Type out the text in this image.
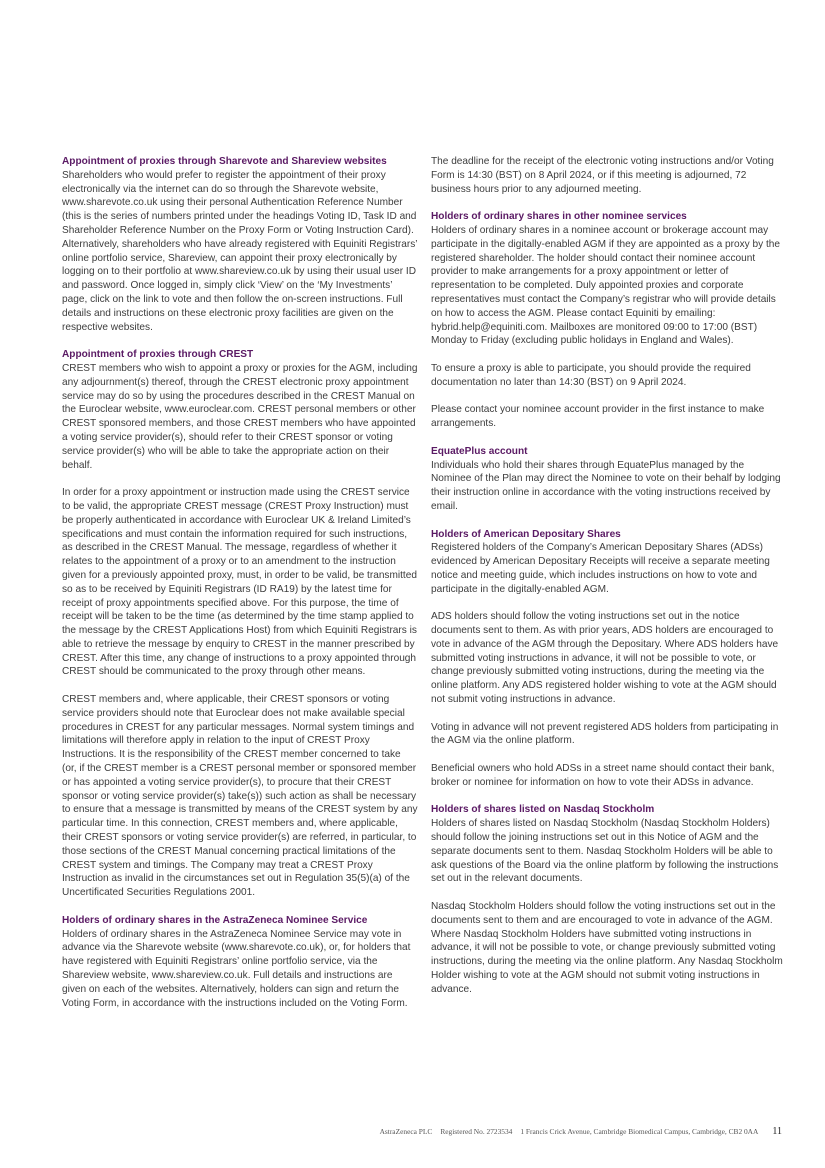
Appointment of proxies through Sharevote and Shareview websites

Shareholders who would prefer to register the appointment of their proxy electronically via the internet can do so through the Sharevote website, www.sharevote.co.uk using their personal Authentication Reference Number (this is the series of numbers printed under the headings Voting ID, Task ID and Shareholder Reference Number on the Proxy Form or Voting Instruction Card). Alternatively, shareholders who have already registered with Equiniti Registrars’ online portfolio service, Shareview, can appoint their proxy electronically by logging on to their portfolio at www.shareview.co.uk by using their usual user ID and password. Once logged in, simply click ‘View’ on the ‘My Investments’ page, click on the link to vote and then follow the on-screen instructions. Full details and instructions on these electronic proxy facilities are given on the respective websites.

Appointment of proxies through CREST

CREST members who wish to appoint a proxy or proxies for the AGM, including any adjournment(s) thereof, through the CREST electronic proxy appointment service may do so by using the procedures described in the CREST Manual on the Euroclear website, www.euroclear.com. CREST personal members or other CREST sponsored members, and those CREST members who have appointed a voting service provider(s), should refer to their CREST sponsor or voting service provider(s) who will be able to take the appropriate action on their behalf.

In order for a proxy appointment or instruction made using the CREST service to be valid, the appropriate CREST message (CREST Proxy Instruction) must be properly authenticated in accordance with Euroclear UK & Ireland Limited’s specifications and must contain the information required for such instructions, as described in the CREST Manual. The message, regardless of whether it relates to the appointment of a proxy or to an amendment to the instruction given for a previously appointed proxy, must, in order to be valid, be transmitted so as to be received by Equiniti Registrars (ID RA19) by the latest time for receipt of proxy appointments specified above. For this purpose, the time of receipt will be taken to be the time (as determined by the time stamp applied to the message by the CREST Applications Host) from which Equiniti Registrars is able to retrieve the message by enquiry to CREST in the manner prescribed by CREST. After this time, any change of instructions to a proxy appointed through CREST should be communicated to the proxy through other means.

CREST members and, where applicable, their CREST sponsors or voting service providers should note that Euroclear does not make available special procedures in CREST for any particular messages. Normal system timings and limitations will therefore apply in relation to the input of CREST Proxy Instructions. It is the responsibility of the CREST member concerned to take (or, if the CREST member is a CREST personal member or sponsored member or has appointed a voting service provider(s), to procure that their CREST sponsor or voting service provider(s) take(s)) such action as shall be necessary to ensure that a message is transmitted by means of the CREST system by any particular time. In this connection, CREST members and, where applicable, their CREST sponsors or voting service provider(s) are referred, in particular, to those sections of the CREST Manual concerning practical limitations of the CREST system and timings. The Company may treat a CREST Proxy Instruction as invalid in the circumstances set out in Regulation 35(5)(a) of the Uncertificated Securities Regulations 2001.

Holders of ordinary shares in the AstraZeneca Nominee Service

Holders of ordinary shares in the AstraZeneca Nominee Service may vote in advance via the Sharevote website (www.sharevote.co.uk), or, for holders that have registered with Equiniti Registrars’ online portfolio service, via the Shareview website, www.shareview.co.uk. Full details and instructions are given on each of the websites. Alternatively, holders can sign and return the Voting Form, in accordance with the instructions included on the Voting Form.

The deadline for the receipt of the electronic voting instructions and/or Voting Form is 14:30 (BST) on 8 April 2024, or if this meeting is adjourned, 72 business hours prior to any adjourned meeting.

Holders of ordinary shares in other nominee services

Holders of ordinary shares in a nominee account or brokerage account may participate in the digitally-enabled AGM if they are appointed as a proxy by the registered shareholder. The holder should contact their nominee account provider to make arrangements for a proxy appointment or letter of representation to be completed. Duly appointed proxies and corporate representatives must contact the Company’s registrar who will provide details on how to access the AGM. Please contact Equiniti by emailing: hybrid.help@equiniti.com. Mailboxes are monitored 09:00 to 17:00 (BST) Monday to Friday (excluding public holidays in England and Wales).

To ensure a proxy is able to participate, you should provide the required documentation no later than 14:30 (BST) on 9 April 2024.

Please contact your nominee account provider in the first instance to make arrangements.

EquatePlus account

Individuals who hold their shares through EquatePlus managed by the Nominee of the Plan may direct the Nominee to vote on their behalf by lodging their instruction online in accordance with the voting instructions received by email.

Holders of American Depositary Shares

Registered holders of the Company’s American Depositary Shares (ADSs) evidenced by American Depositary Receipts will receive a separate meeting notice and meeting guide, which includes instructions on how to vote and participate in the digitally-enabled AGM.

ADS holders should follow the voting instructions set out in the notice documents sent to them. As with prior years, ADS holders are encouraged to vote in advance of the AGM through the Depositary. Where ADS holders have submitted voting instructions in advance, it will not be possible to vote, or change previously submitted voting instructions, during the meeting via the online platform. Any ADS registered holder wishing to vote at the AGM should not submit voting instructions in advance.

Voting in advance will not prevent registered ADS holders from participating in the AGM via the online platform.

Beneficial owners who hold ADSs in a street name should contact their bank, broker or nominee for information on how to vote their ADSs in advance.

Holders of shares listed on Nasdaq Stockholm

Holders of shares listed on Nasdaq Stockholm (Nasdaq Stockholm Holders) should follow the joining instructions set out in this Notice of AGM and the separate documents sent to them. Nasdaq Stockholm Holders will be able to ask questions of the Board via the online platform by following the instructions set out in the relevant documents.

Nasdaq Stockholm Holders should follow the voting instructions set out in the documents sent to them and are encouraged to vote in advance of the AGM. Where Nasdaq Stockholm Holders have submitted voting instructions in advance, it will not be possible to vote, or change previously submitted voting instructions, during the meeting via the online platform. Any Nasdaq Stockholm Holder wishing to vote at the AGM should not submit voting instructions in advance.

AstraZeneca PLC Registered No. 2723534 1 Francis Crick Avenue, Cambridge Biomedical Campus, Cambridge, CB2 0AA 11
